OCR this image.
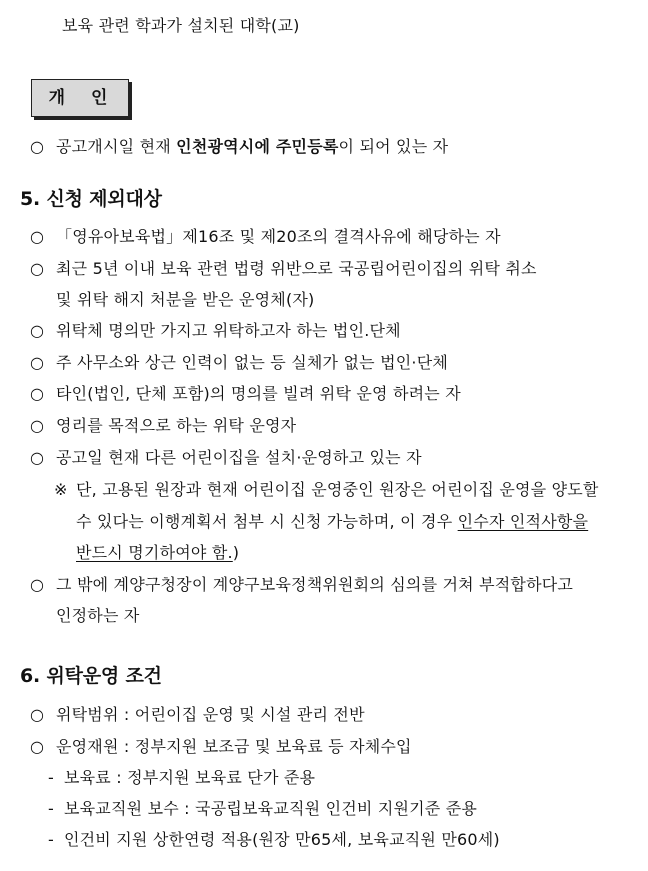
보육 관련 학과가 설치된 대학(교)
개 인
○ 공고개시일 현재 인천광역시에 주민등록이 되어 있는 자
5. 신청 제외대상
○ 「영유아보육법」제16조 및 제20조의 결격사유에 해당하는 자
○ 최근 5년 이내 보육 관련 법령 위반으로 국공립어린이집의 위탁 취소
및 위탁 해지 처분을 받은 운영체(자)
○ 위탁체 명의만 가지고 위탁하고자 하는 법인.단체
○ 주 사무소와 상근 인력이 없는 등 실체가 없는 법인·단체
○ 타인(법인, 단체 포함)의 명의를 빌려 위탁 운영 하려는 자
○ 영리를 목적으로 하는 위탁 운영자
○ 공고일 현재 다른 어린이집을 설치·운영하고 있는 자
※ 단, 고용된 원장과 현재 어린이집 운영중인 원장은 어린이집 운영을 양도할
수 있다는 이행계획서 첨부 시 신청 가능하며, 이 경우 인수자 인적사항을
반드시 명기하여야 함.)
○ 그 밖에 계양구청장이 계양구보육정책위원회의 심의를 거쳐 부적합하다고
인정하는 자
6. 위탁운영 조건
○ 위탁범위 : 어린이집 운영 및 시설 관리 전반
○ 운영재원 : 정부지원 보조금 및 보육료 등 자체수입
- 보육료 : 정부지원 보육료 단가 준용
- 보육교직원 보수 : 국공립보육교직원 인건비 지원기준 준용
- 인건비 지원 상한연령 적용(원장 만65세, 보육교직원 만60세)
